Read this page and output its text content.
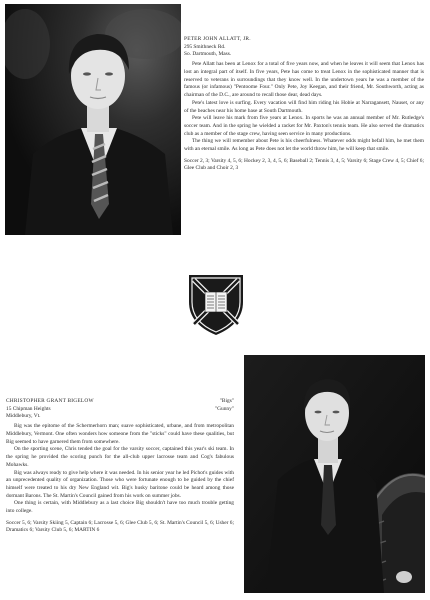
PETER JOHN ALLATT, JR.
295 Smithneck Rd.
So. Dartmouth, Mass.

Pete Allatt has been at Lenox for a total of five years now, and when he leaves it will seem that Lenox has lost an integral part of itself. In five years, Pete has come to treat Lenox in the sophisticated manner that is reserved to veterans in surroundings that they know well. In the undertown years he was a member of the famous (or infamous) "Pentoome Four." Only Pete, Joy Keegan, and their friend, Mr. Southworth, acting as chairman of the D.C., are around to recall those dear, dead days.

Pete's latest love is surfing. Every vacation will find him riding his Hobie at Narragansett, Nauset, or any of the beaches near his home base at South Dartmouth.

Pete will leave his mark from five years at Lenox. In sports he was an annual member of Mr. Rutledge's soccer team. And in the spring he wielded a racket for Mr. Paxton's tennis team. He also served the dramatics club as a member of the stage crew, having seen service in many productions.

The thing we will remember about Pete is his cheerfulness. Whatever odds might befall him, he met them with an eternal smile. As long as Pete does not let the world throw him, he will keep that smile.

Soccer 2, 3; Varsity 4, 5, 6; Hockey 2, 3, 4, 5, 6; Baseball 2; Tennis 3, 4, 5; Varsity 6; Stage Crew 4, 5; Chief 6; Glee Club and Choir 2, 3

CHRISTOPHER GRANT BIGELOW
15 Chipman Heights
Middlebury, Vt.
"Bigs"
"Gunny"

Big was the epitome of the Schermerhorn man; suave sophisticated, urbane, and from metropolitan Middlebury, Vermont. One often wonders how someone from the "sticks" could have these qualities, but Big seemed to have garnered them from somewhere.

On the sporting scene, Chris tended the goal for the varsity soccer, captained this year's ski team. In the spring he provided the scoring punch for the all-club upper lacrosse team and Cog's fabulous Mohawks.

Big was always ready to give help where it was needed. In his senior year he led Pichot's guides with an unprecedented quality of organization. Those who were fortunate enough to be guided by the chief himself were treated to his dry New England wit. Big's husky baritone could be heard among those dormant Barons. The St. Martin's Council gained from his work on summer jobs.

One thing is certain, with Middlebury as a last choice Big shouldn't have too much trouble getting into college.

Soccer 5, 6; Varsity Skiing 5, Captain 6; Lacrosse 5, 6; Glee Club 5, 6; St. Martin's Council 5, 6; Usher 6; Dramatics 6; Varsity Club 5, 6; MARTIN 6
